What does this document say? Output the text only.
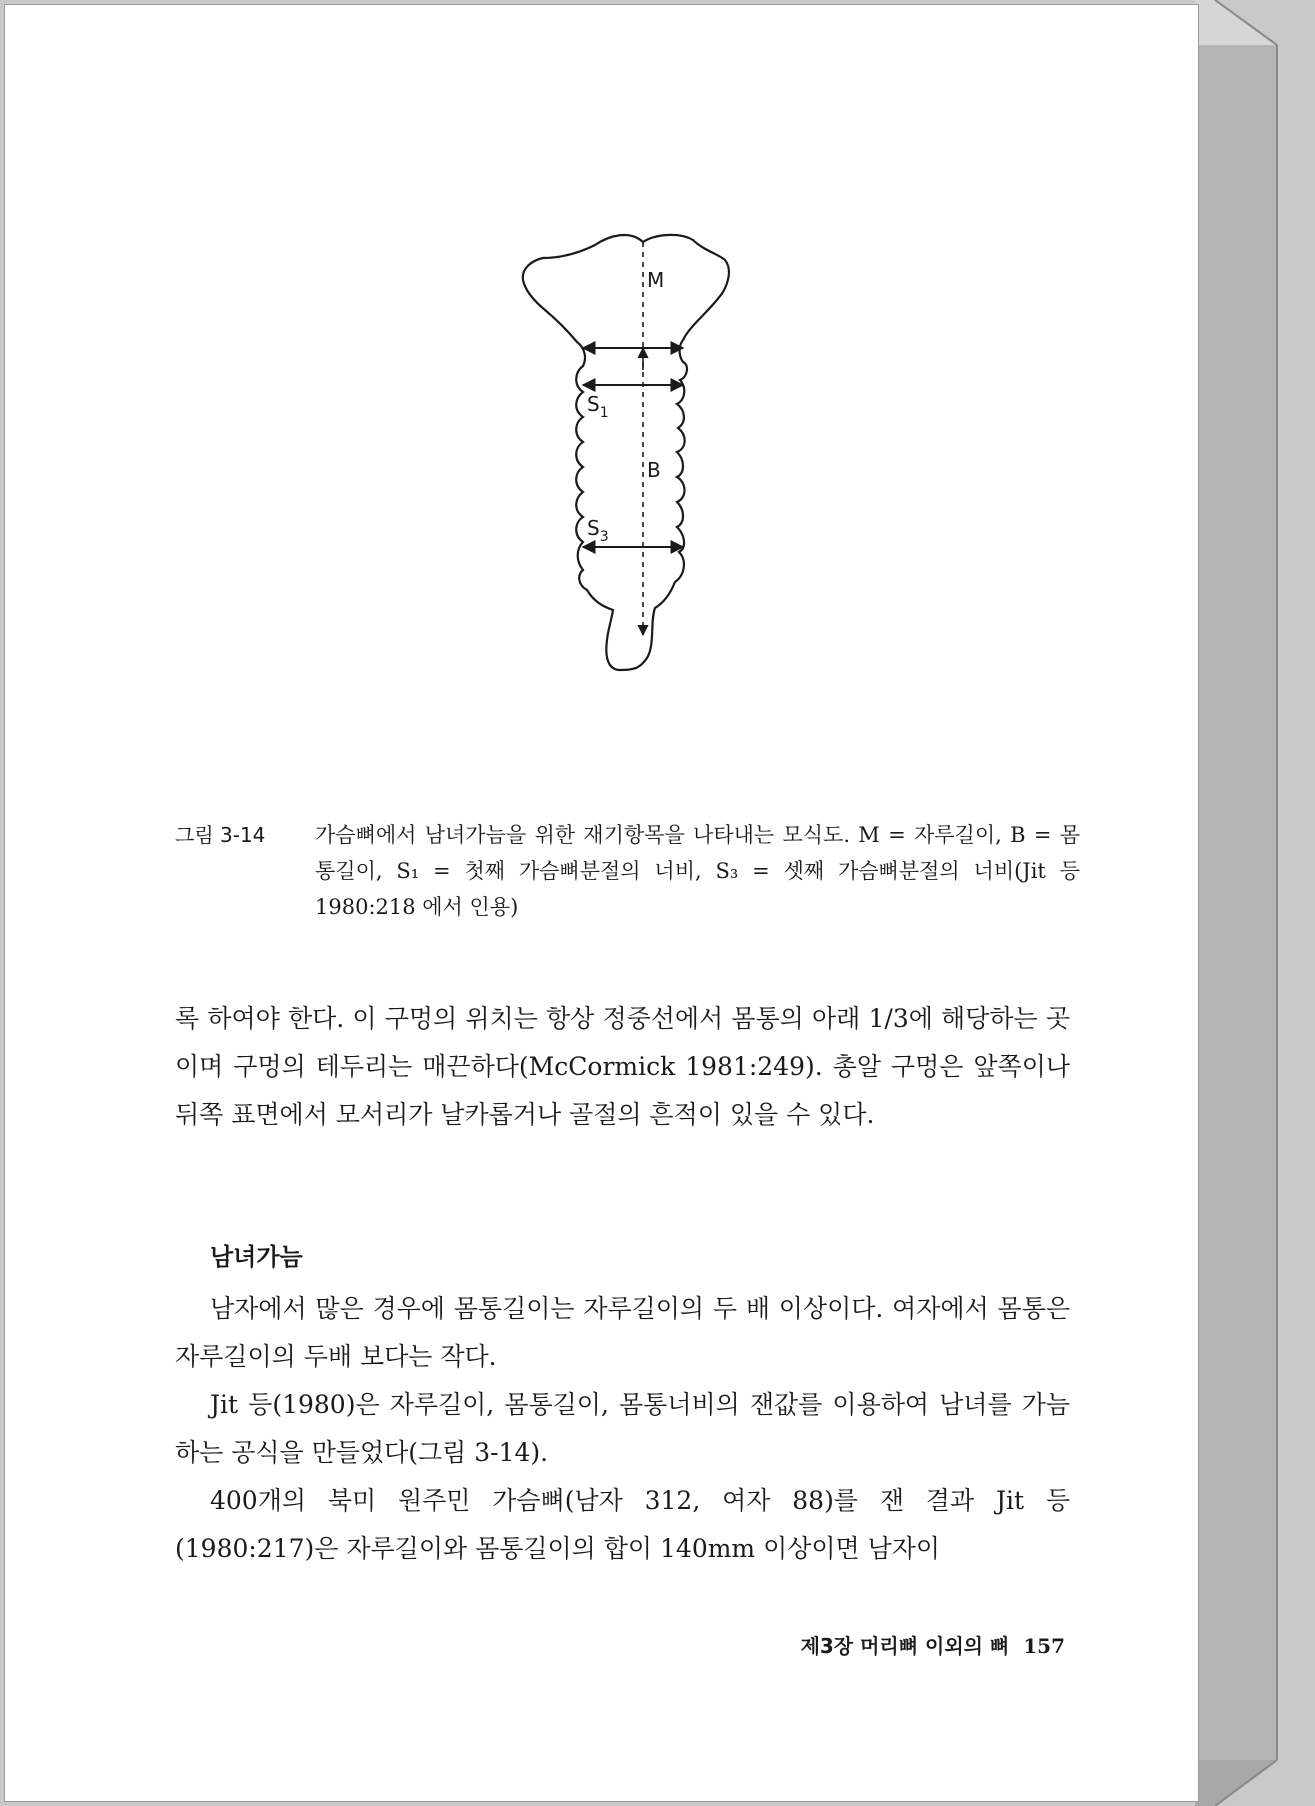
M
B
$S_1$
$S_3$
그림 3-14	가슴뼈에서 남녀가늠을 위한 재기항목을 나타내는 모식도. M = 자루길이, B = 몸통길이, S₁ = 첫째 가슴뼈분절의 너비, S₃ = 셋째 가슴뼈분절의 너비(Jit 등 1980:218 에서 인용)

록 하여야 한다. 이 구멍의 위치는 항상 정중선에서 몸통의 아래 1/3에 해당하는 곳이며 구멍의 테두리는 매끈하다(McCormick 1981:249). 총알 구멍은 앞쪽이나 뒤쪽 표면에서 모서리가 날카롭거나 골절의 흔적이 있을 수 있다.

남녀가늠

남자에서 많은 경우에 몸통길이는 자루길이의 두 배 이상이다. 여자에서 몸통은 자루길이의 두배 보다는 작다.

Jit 등(1980)은 자루길이, 몸통길이, 몸통너비의 잰값를 이용하여 남녀를 가늠하는 공식을 만들었다(그림 3-14).

400개의 북미 원주민 가슴뼈(남자 312, 여자 88)를 잰 결과 Jit 등(1980:217)은 자루길이와 몸통길이의 합이 140mm 이상이면 남자이

제3장 머리뼈 이외의 뼈 157
